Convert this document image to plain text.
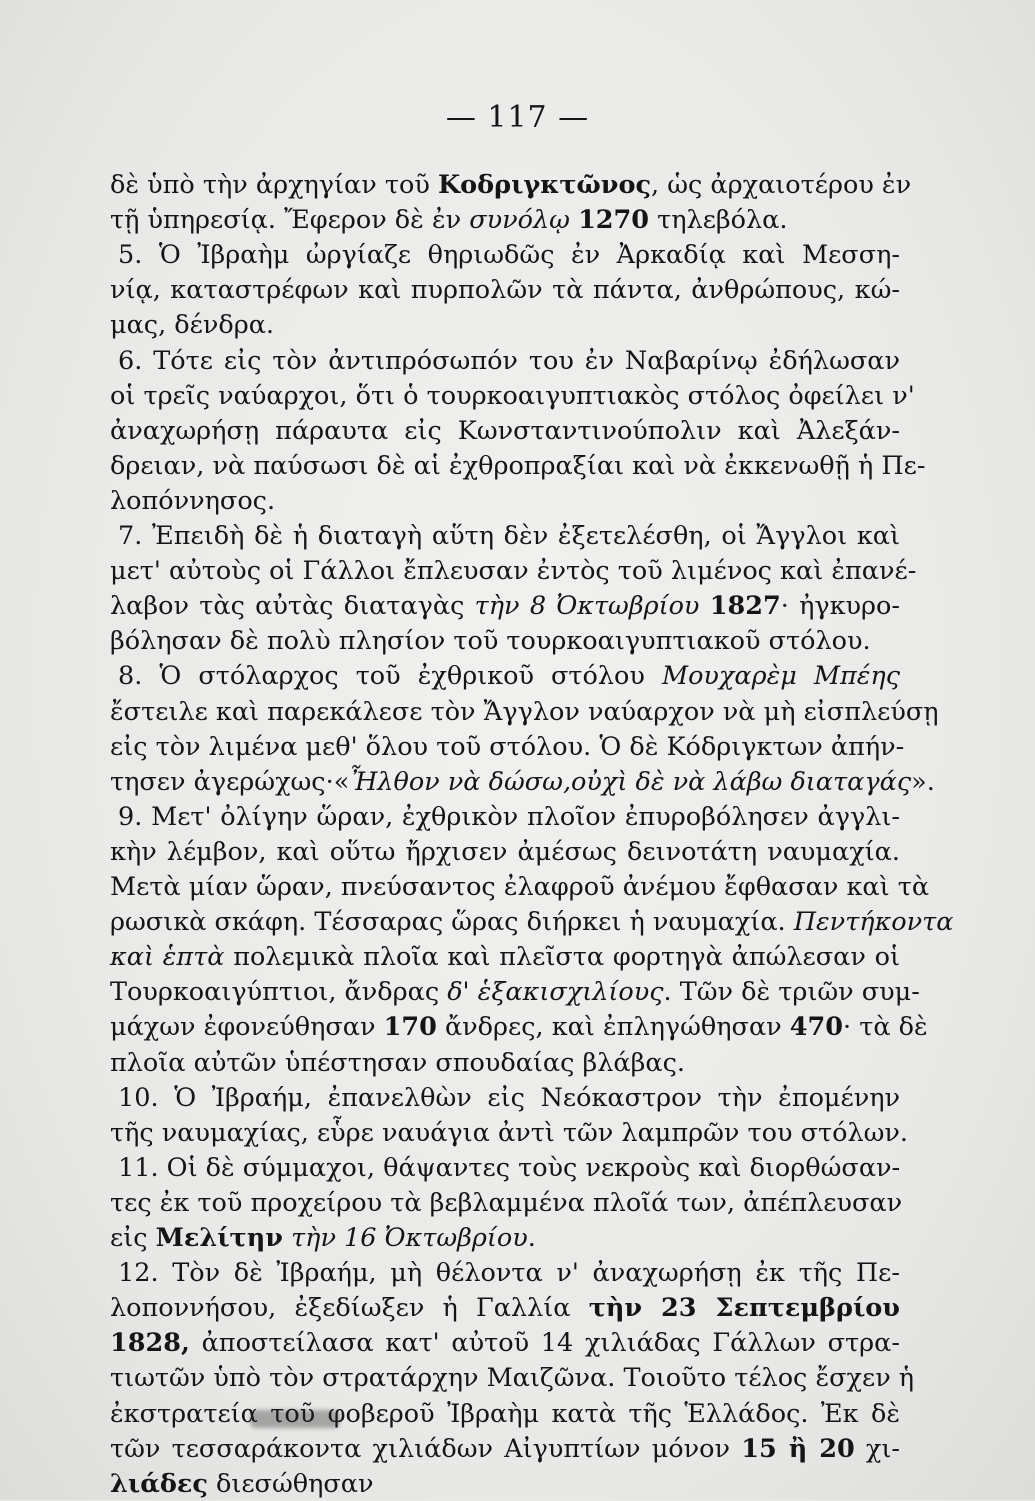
— 117 —
δὲ ὑπὸ τὴν ἀρχηγίαν τοῦ Κοδριγκτῶνος, ὡς ἀρχαιοτέρου ἐν
τῇ ὑπηρεσίᾳ. Ἔφερον δὲ ἐν συνόλῳ 1270 τηλεβόλα.
5. Ὁ Ἰβραὴμ ὠργίαζε θηριωδῶς ἐν Ἀρκαδίᾳ καὶ Μεσση-
νίᾳ, καταστρέφων καὶ πυρπολῶν τὰ πάντα, ἀνθρώπους, κώ-
μας, δένδρα.
6. Τότε εἰς τὸν ἀντιπρόσωπόν του ἐν Ναβαρίνῳ ἐδήλωσαν
οἱ τρεῖς ναύαρχοι, ὅτι ὁ τουρκοαιγυπτιακὸς στόλος ὀφείλει ν'
ἀναχωρήσῃ πάραυτα εἰς Κωνσταντινούπολιν καὶ Ἀλεξάν-
δρειαν, νὰ παύσωσι δὲ αἱ ἐχθροπραξίαι καὶ νὰ ἐκκενωθῇ ἡ Πε-
λοπόννησος.
7. Ἐπειδὴ δὲ ἡ διαταγὴ αὕτη δὲν ἐξετελέσθη, οἱ Ἄγγλοι καὶ
μετ' αὐτοὺς οἱ Γάλλοι ἔπλευσαν ἐντὸς τοῦ λιμένος καὶ ἐπανέ-
λαβον τὰς αὐτὰς διαταγὰς τὴν 8 Ὀκτωβρίου 1827· ἠγκυρο-
βόλησαν δὲ πολὺ πλησίον τοῦ τουρκοαιγυπτιακοῦ στόλου.
8. Ὁ στόλαρχος τοῦ ἐχθρικοῦ στόλου Μουχαρὲμ Μπέης
ἔστειλε καὶ παρεκάλεσε τὸν Ἄγγλον ναύαρχον νὰ μὴ εἰσπλεύσῃ
εἰς τὸν λιμένα μεθ' ὅλου τοῦ στόλου. Ὁ δὲ Κόδριγκτων ἀπήν-
τησεν ἀγερώχως·«Ἦλθον νὰ δώσω,οὐχὶ δὲ νὰ λάβω διαταγάς».
9. Μετ' ὀλίγην ὥραν, ἐχθρικὸν πλοῖον ἐπυροβόλησεν ἀγγλι-
κὴν λέμβον, καὶ οὕτω ἤρχισεν ἀμέσως δεινοτάτη ναυμαχία.
Μετὰ μίαν ὥραν, πνεύσαντος ἐλαφροῦ ἀνέμου ἔφθασαν καὶ τὰ
ρωσικὰ σκάφη. Τέσσαρας ὥρας διήρκει ἡ ναυμαχία. Πεντήκοντα
καὶ ἑπτὰ πολεμικὰ πλοῖα καὶ πλεῖστα φορτηγὰ ἀπώλεσαν οἱ
Τουρκοαιγύπτιοι, ἄνδρας δ' ἑξακισχιλίους. Τῶν δὲ τριῶν συμ-
μάχων ἐφονεύθησαν 170 ἄνδρες, καὶ ἐπληγώθησαν 470· τὰ δὲ
πλοῖα αὐτῶν ὑπέστησαν σπουδαίας βλάβας.
10. Ὁ Ἰβραήμ, ἐπανελθὼν εἰς Νεόκαστρον τὴν ἐπομένην
τῆς ναυμαχίας, εὗρε ναυάγια ἀντὶ τῶν λαμπρῶν του στόλων.
11. Οἱ δὲ σύμμαχοι, θάψαντες τοὺς νεκροὺς καὶ διορθώσαν-
τες ἐκ τοῦ προχείρου τὰ βεβλαμμένα πλοῖά των, ἀπέπλευσαν
εἰς Μελίτην τὴν 16 Ὀκτωβρίου.
12. Τὸν δὲ Ἰβραήμ, μὴ θέλοντα ν' ἀναχωρήσῃ ἐκ τῆς Πε-
λοποννήσου, ἐξεδίωξεν ἡ Γαλλία τὴν 23 Σεπτεμβρίου
1828, ἀποστείλασα κατ' αὐτοῦ 14 χιλιάδας Γάλλων στρα-
τιωτῶν ὑπὸ τὸν στρατάρχην Μαιζῶνα. Τοιοῦτο τέλος ἔσχεν ἡ
ἐκστρατεία τοῦ φοβεροῦ Ἰβραὴμ κατὰ τῆς Ἑλλάδος. Ἐκ δὲ
τῶν τεσσαράκοντα χιλιάδων Αἰγυπτίων μόνον 15 ἢ 20 χι-
λιάδες διεσώθησαν
